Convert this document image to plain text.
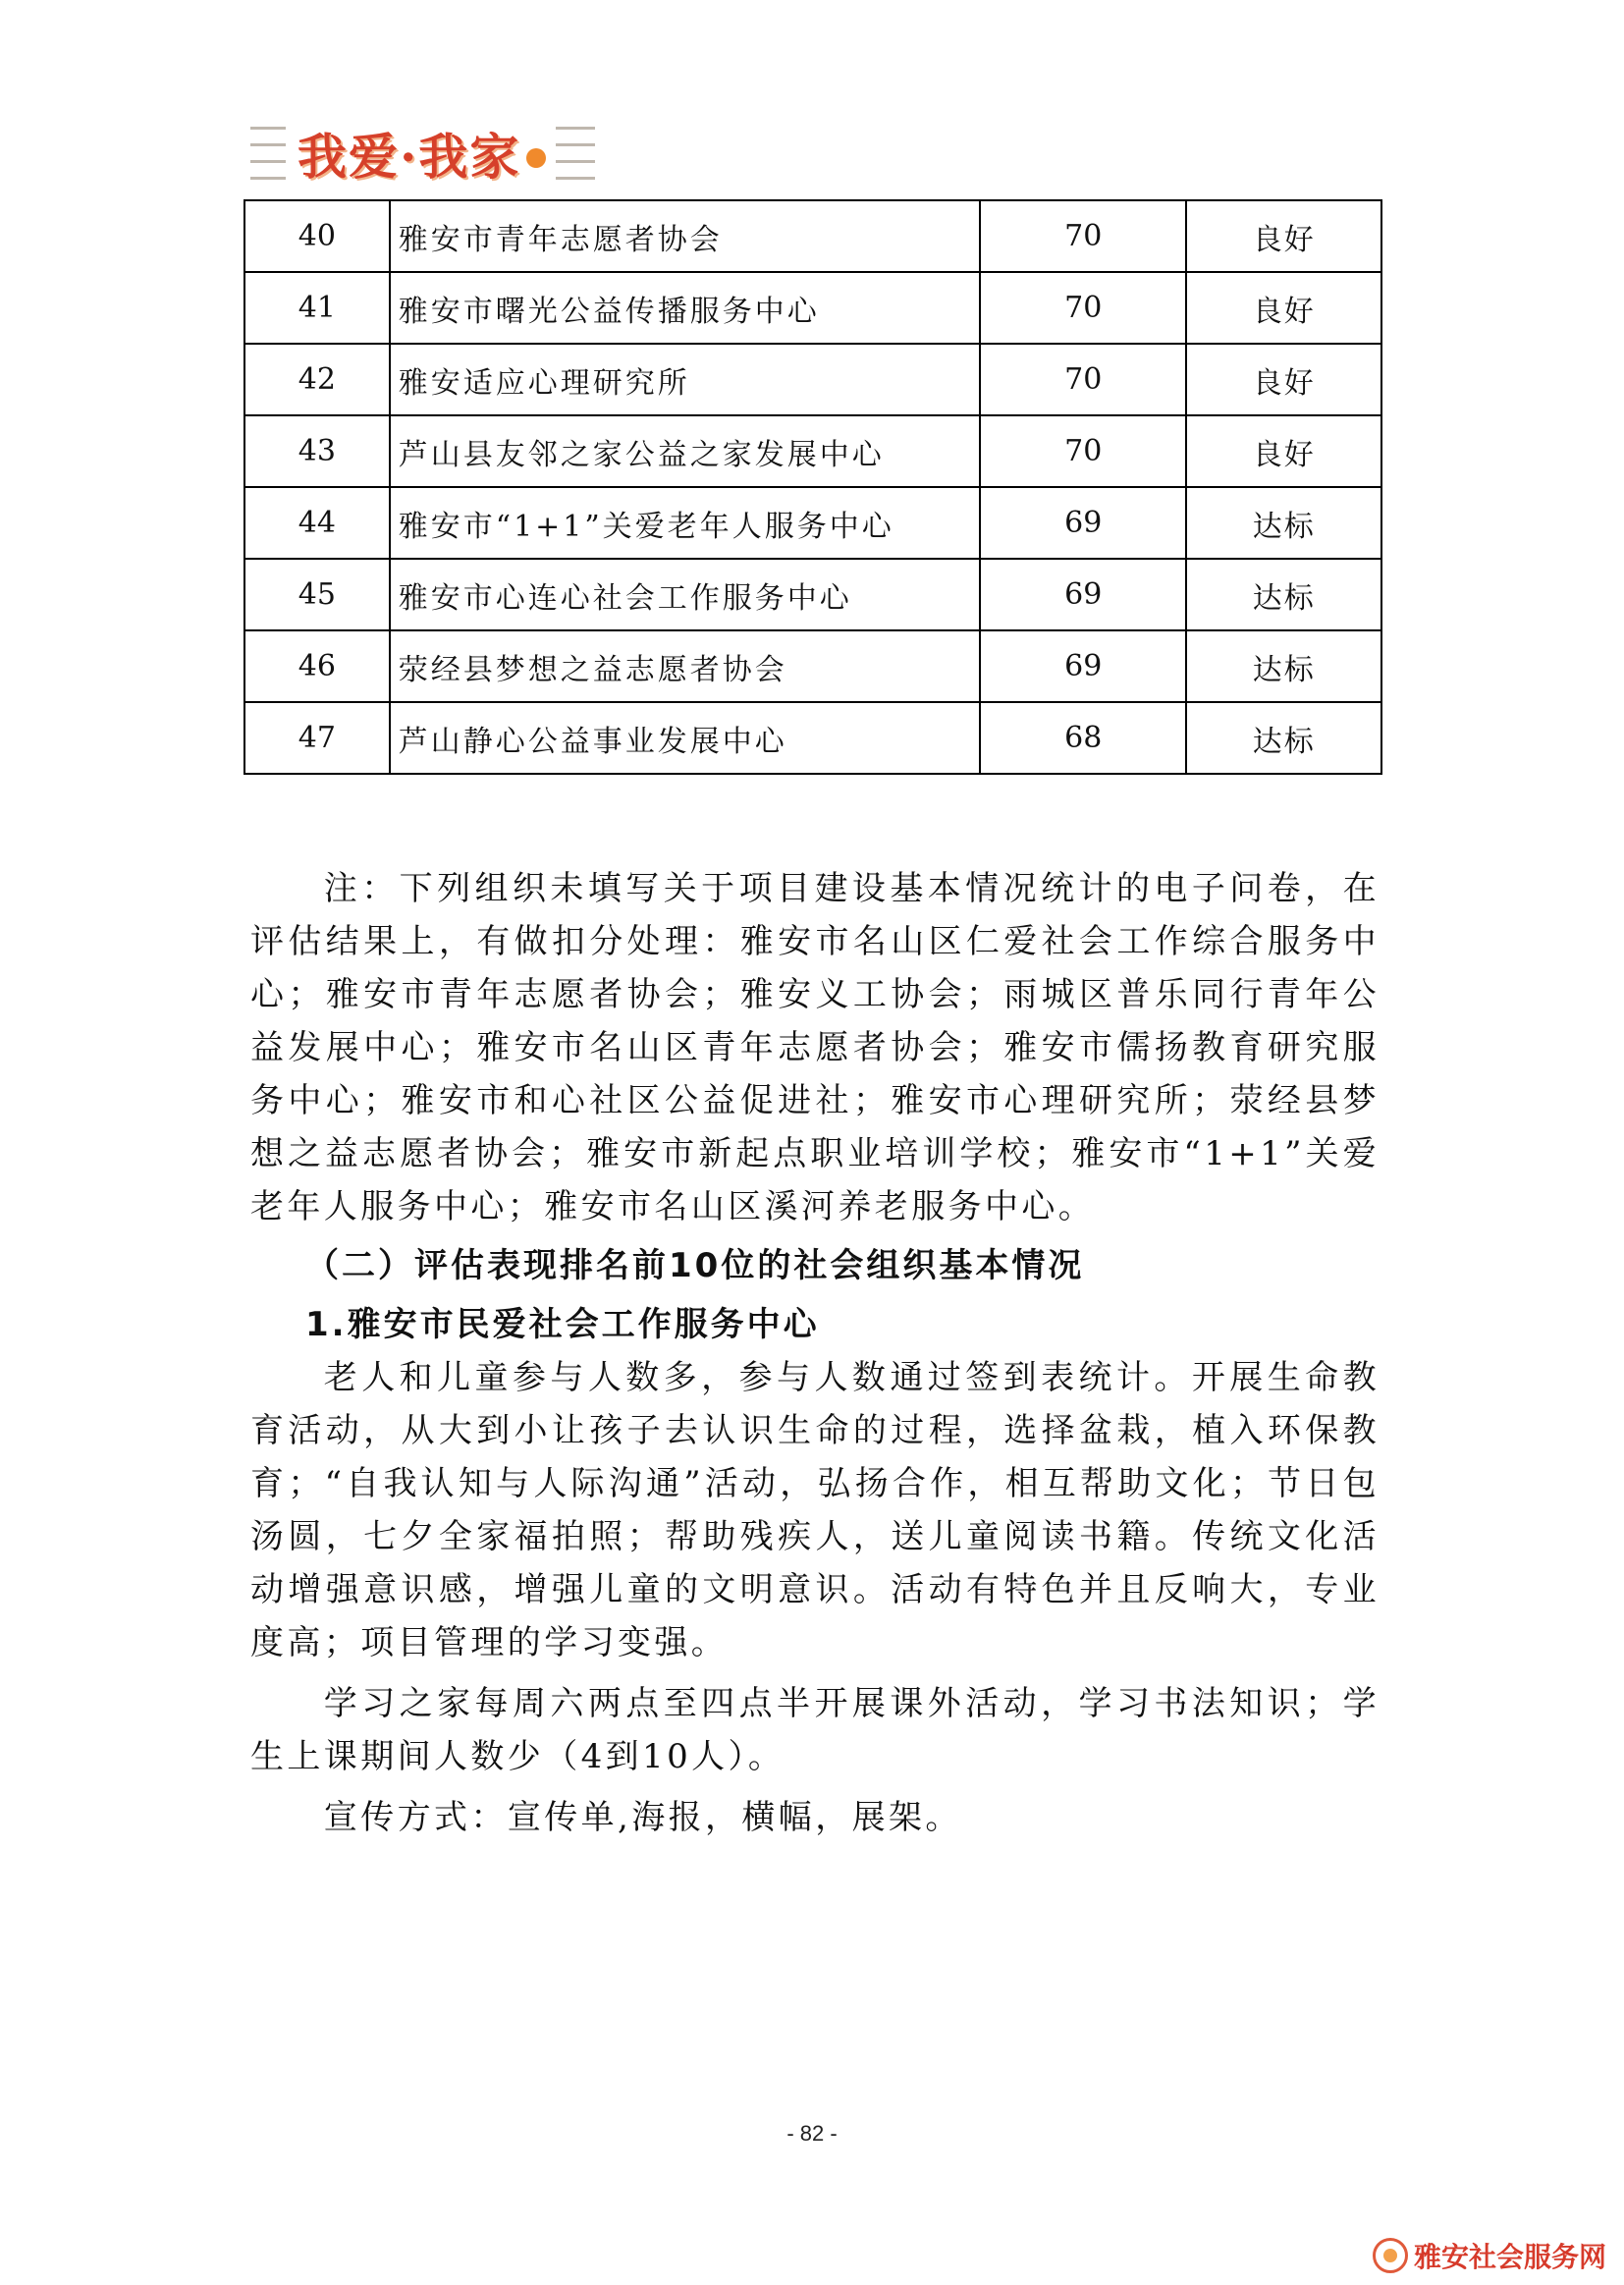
我爱·我家
40	雅安市青年志愿者协会	70	良好
41	雅安市曙光公益传播服务中心	70	良好
42	雅安适应心理研究所	70	良好
43	芦山县友邻之家公益之家发展中心	70	良好
44	雅安市“1+1”关爱老年人服务中心	69	达标
45	雅安市心连心社会工作服务中心	69	达标
46	荥经县梦想之益志愿者协会	69	达标
47	芦山静心公益事业发展中心	68	达标

注：下列组织未填写关于项目建设基本情况统计的电子问卷，在评估结果上，有做扣分处理：雅安市名山区仁爱社会工作综合服务中心；雅安市青年志愿者协会；雅安义工协会；雨城区普乐同行青年公益发展中心；雅安市名山区青年志愿者协会；雅安市儒扬教育研究服务中心；雅安市和心社区公益促进社；雅安市心理研究所；荥经县梦想之益志愿者协会；雅安市新起点职业培训学校；雅安市“1+1”关爱老年人服务中心；雅安市名山区溪河养老服务中心。

（二）评估表现排名前10位的社会组织基本情况
1.雅安市民爱社会工作服务中心

老人和儿童参与人数多，参与人数通过签到表统计。开展生命教育活动，从大到小让孩子去认识生命的过程，选择盆栽，植入环保教育；“自我认知与人际沟通”活动，弘扬合作，相互帮助文化；节日包汤圆，七夕全家福拍照；帮助残疾人，送儿童阅读书籍。传统文化活动增强意识感，增强儿童的文明意识。活动有特色并且反响大，专业度高；项目管理的学习变强。

学习之家每周六两点至四点半开展课外活动，学习书法知识；学生上课期间人数少（4到10人）。

宣传方式：宣传单,海报，横幅，展架。

- 82 -
雅安社会服务网
